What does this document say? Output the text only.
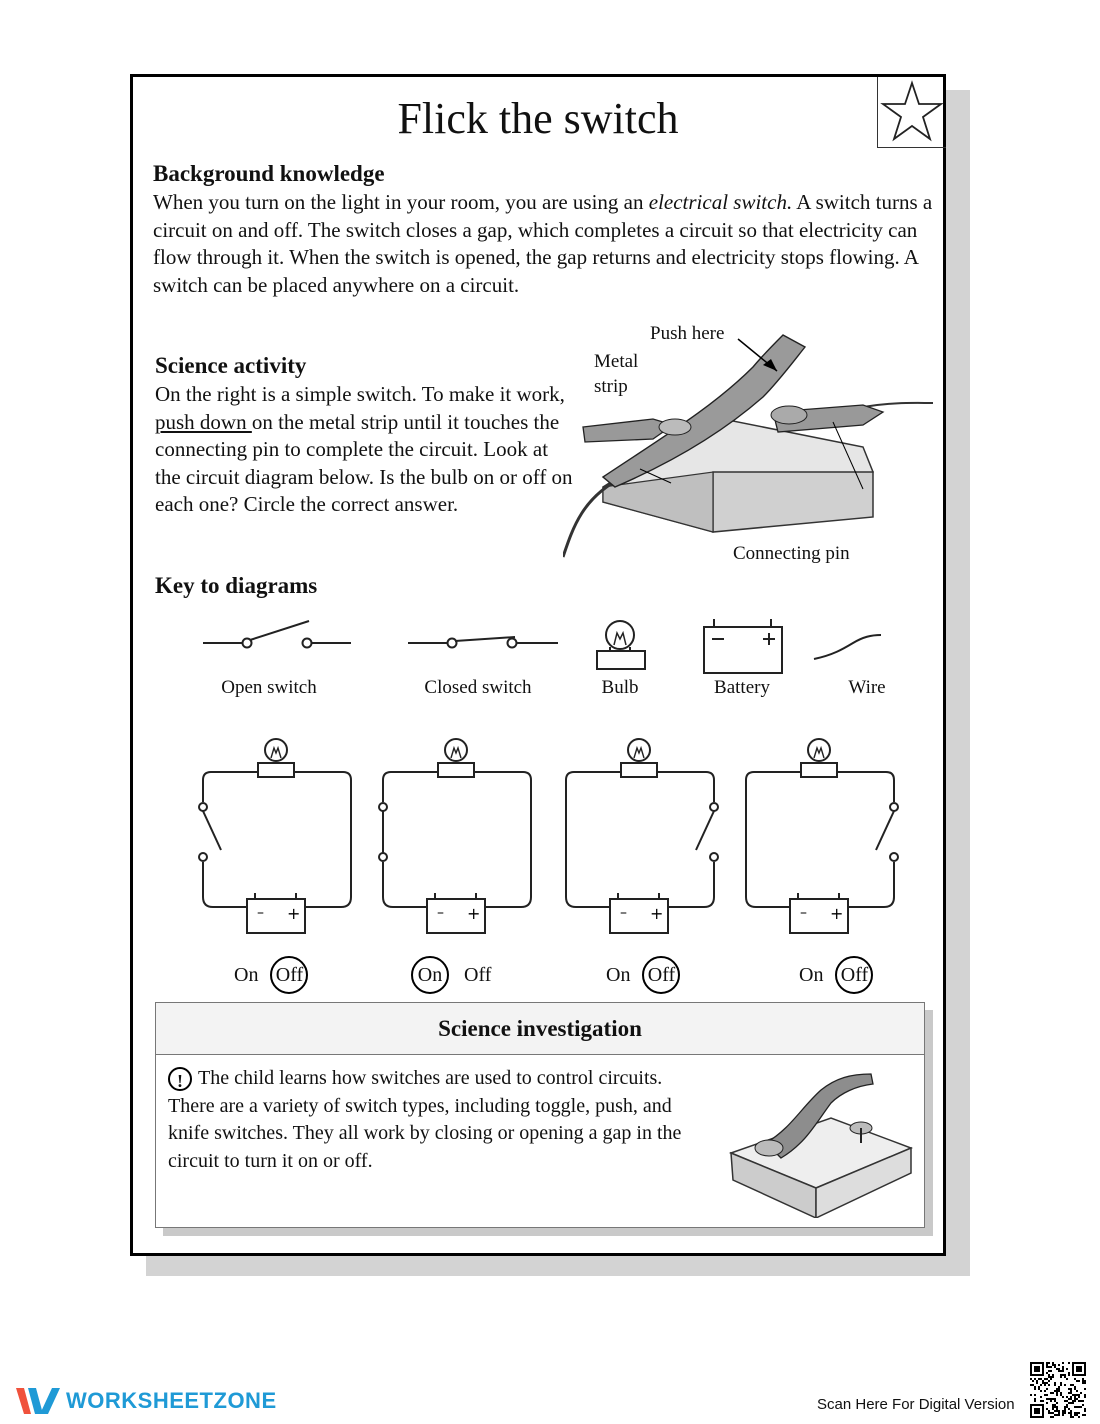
Flick the switch
Background knowledge
When you turn on the light in your room, you are using an electrical switch. A switch turns a circuit on and off. The switch closes a gap, which completes a circuit so that electricity can flow through it. When the switch is opened, the gap returns and electricity stops flowing. A switch can be placed anywhere on a circuit.
Science activity
On the right is a simple switch. To make it work, push down on the metal strip until it touches the connecting pin to complete the circuit. Look at the circuit diagram below. Is the bulb on or off on each one? Circle the correct answer.
Push here
Metal
strip
Connecting pin
Key to diagrams
Open switch	Closed switch	Bulb	Battery	Wire
– +	– +	– +	– +
On Off	On Off	On Off	On Off
Science investigation
! The child learns how switches are used to control circuits. There are a variety of switch types, including toggle, push, and knife switches. They all work by closing or opening a gap in the circuit to turn it on or off.
WORKSHEETZONE	Scan Here For Digital Version
